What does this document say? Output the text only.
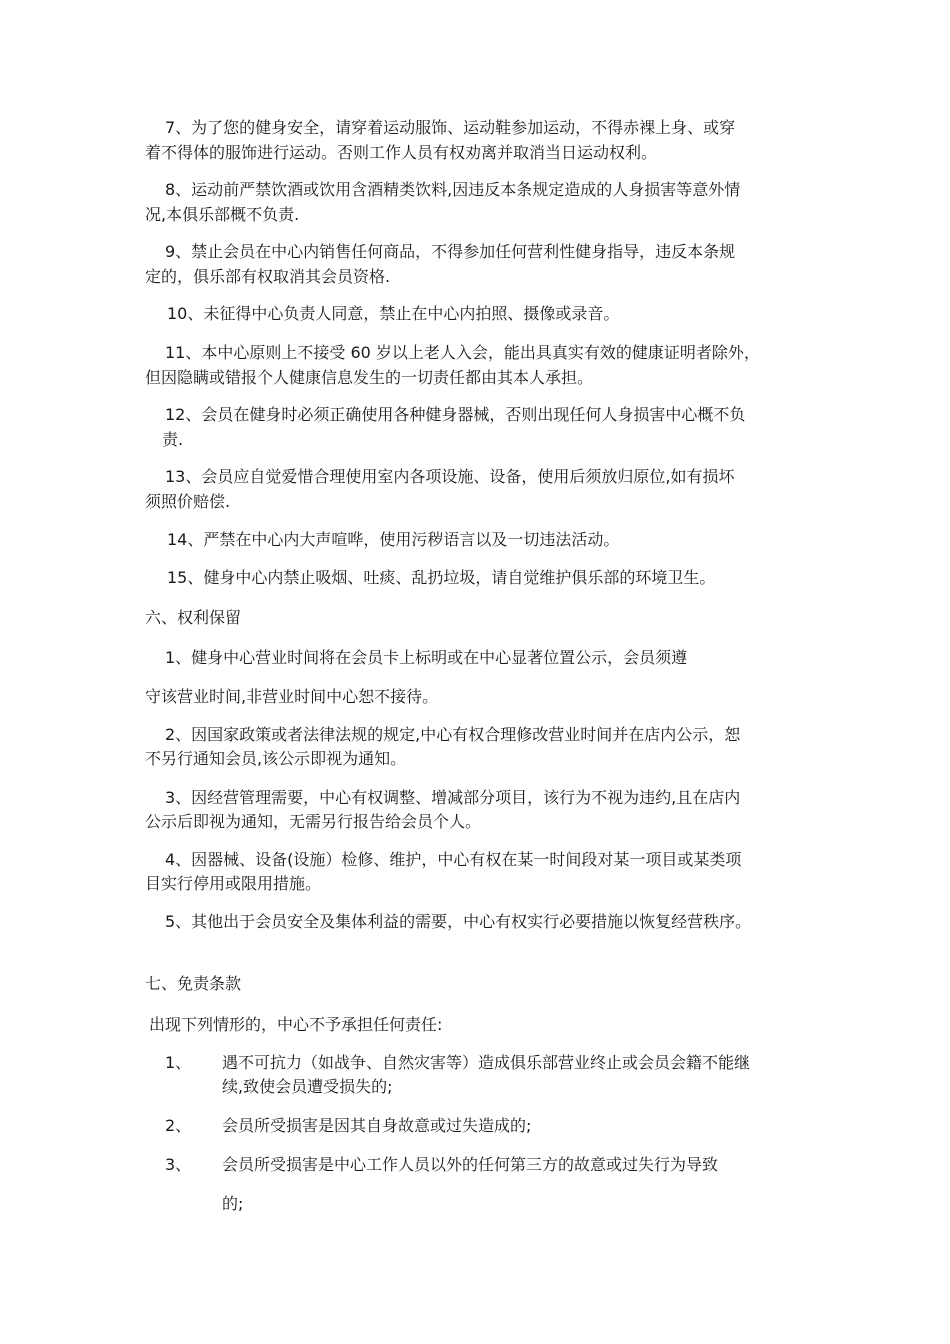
7、为了您的健身安全，请穿着运动服饰、运动鞋参加运动，不得赤裸上身、或穿
着不得体的服饰进行运动。否则工作人员有权劝离并取消当日运动权利。
8、运动前严禁饮酒或饮用含酒精类饮料,因违反本条规定造成的人身损害等意外情
况,本俱乐部概不负责.
9、禁止会员在中心内销售任何商品，不得参加任何营利性健身指导，违反本条规
定的，俱乐部有权取消其会员资格.
10、未征得中心负责人同意，禁止在中心内拍照、摄像或录音。
11、本中心原则上不接受 60 岁以上老人入会，能出具真实有效的健康证明者除外，
但因隐瞒或错报个人健康信息发生的一切责任都由其本人承担。
12、会员在健身时必须正确使用各种健身器械，否则出现任何人身损害中心概不负
责.
13、会员应自觉爱惜合理使用室内各项设施、设备，使用后须放归原位,如有损坏
须照价赔偿.
14、严禁在中心内大声喧哗，使用污秽语言以及一切违法活动。
15、健身中心内禁止吸烟、吐痰、乱扔垃圾，请自觉维护俱乐部的环境卫生。
六、权利保留
1、健身中心营业时间将在会员卡上标明或在中心显著位置公示，会员须遵
守该营业时间,非营业时间中心恕不接待。
2、因国家政策或者法律法规的规定,中心有权合理修改营业时间并在店内公示，恕
不另行通知会员,该公示即视为通知。
3、因经营管理需要，中心有权调整、增减部分项目，该行为不视为违约,且在店内
公示后即视为通知，无需另行报告给会员个人。
4、因器械、设备(设施）检修、维护，中心有权在某一时间段对某一项目或某类项
目实行停用或限用措施。
5、其他出于会员安全及集体利益的需要，中心有权实行必要措施以恢复经营秩序。
七、免责条款
出现下列情形的，中心不予承担任何责任:
1、 遇不可抗力（如战争、自然灾害等）造成俱乐部营业终止或会员会籍不能继
续,致使会员遭受损失的;
2、 会员所受损害是因其自身故意或过失造成的;
3、 会员所受损害是中心工作人员以外的任何第三方的故意或过失行为导致
的;
